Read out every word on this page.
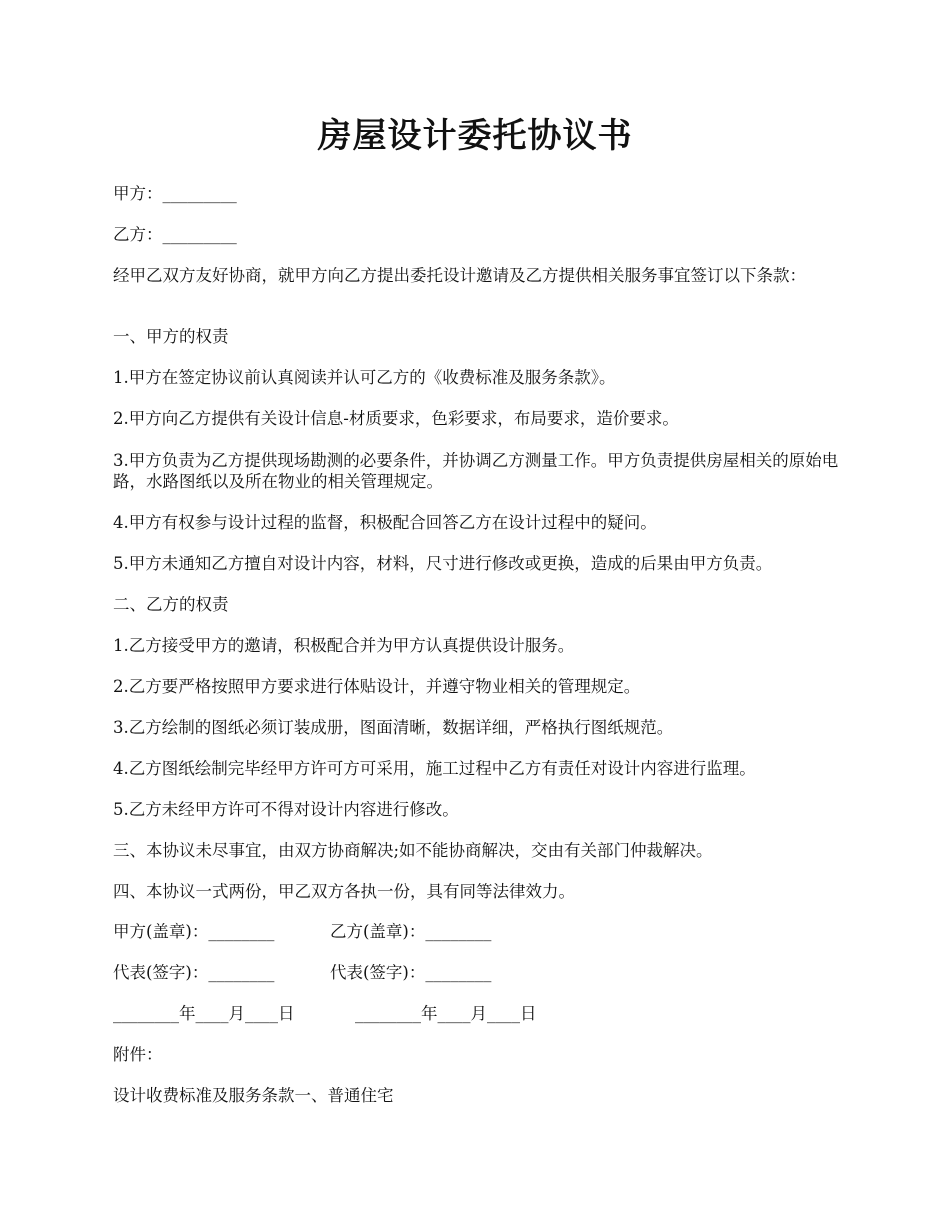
房屋设计委托协议书

甲方：_________

乙方：_________

经甲乙双方友好协商，就甲方向乙方提出委托设计邀请及乙方提供相关服务事宜签订以下条款：

一、甲方的权责

1.甲方在签定协议前认真阅读并认可乙方的《收费标准及服务条款》。

2.甲方向乙方提供有关设计信息-材质要求，色彩要求，布局要求，造价要求。

3.甲方负责为乙方提供现场勘测的必要条件，并协调乙方测量工作。甲方负责提供房屋相关的原始电路，水路图纸以及所在物业的相关管理规定。

4.甲方有权参与设计过程的监督，积极配合回答乙方在设计过程中的疑问。

5.甲方未通知乙方擅自对设计内容，材料，尺寸进行修改或更换，造成的后果由甲方负责。

二、乙方的权责

1.乙方接受甲方的邀请，积极配合并为甲方认真提供设计服务。

2.乙方要严格按照甲方要求进行体贴设计，并遵守物业相关的管理规定。

3.乙方绘制的图纸必须订装成册，图面清晰，数据详细，严格执行图纸规范。

4.乙方图纸绘制完毕经甲方许可方可采用，施工过程中乙方有责任对设计内容进行监理。

5.乙方未经甲方许可不得对设计内容进行修改。

三、本协议未尽事宜，由双方协商解决;如不能协商解决，交由有关部门仲裁解决。

四、本协议一式两份，甲乙双方各执一份，具有同等法律效力。

甲方(盖章)：________	乙方(盖章)：________
代表(签字)：________	代表(签字)：________
________年____月____日	________年____月____日

附件：

设计收费标准及服务条款一、普通住宅
